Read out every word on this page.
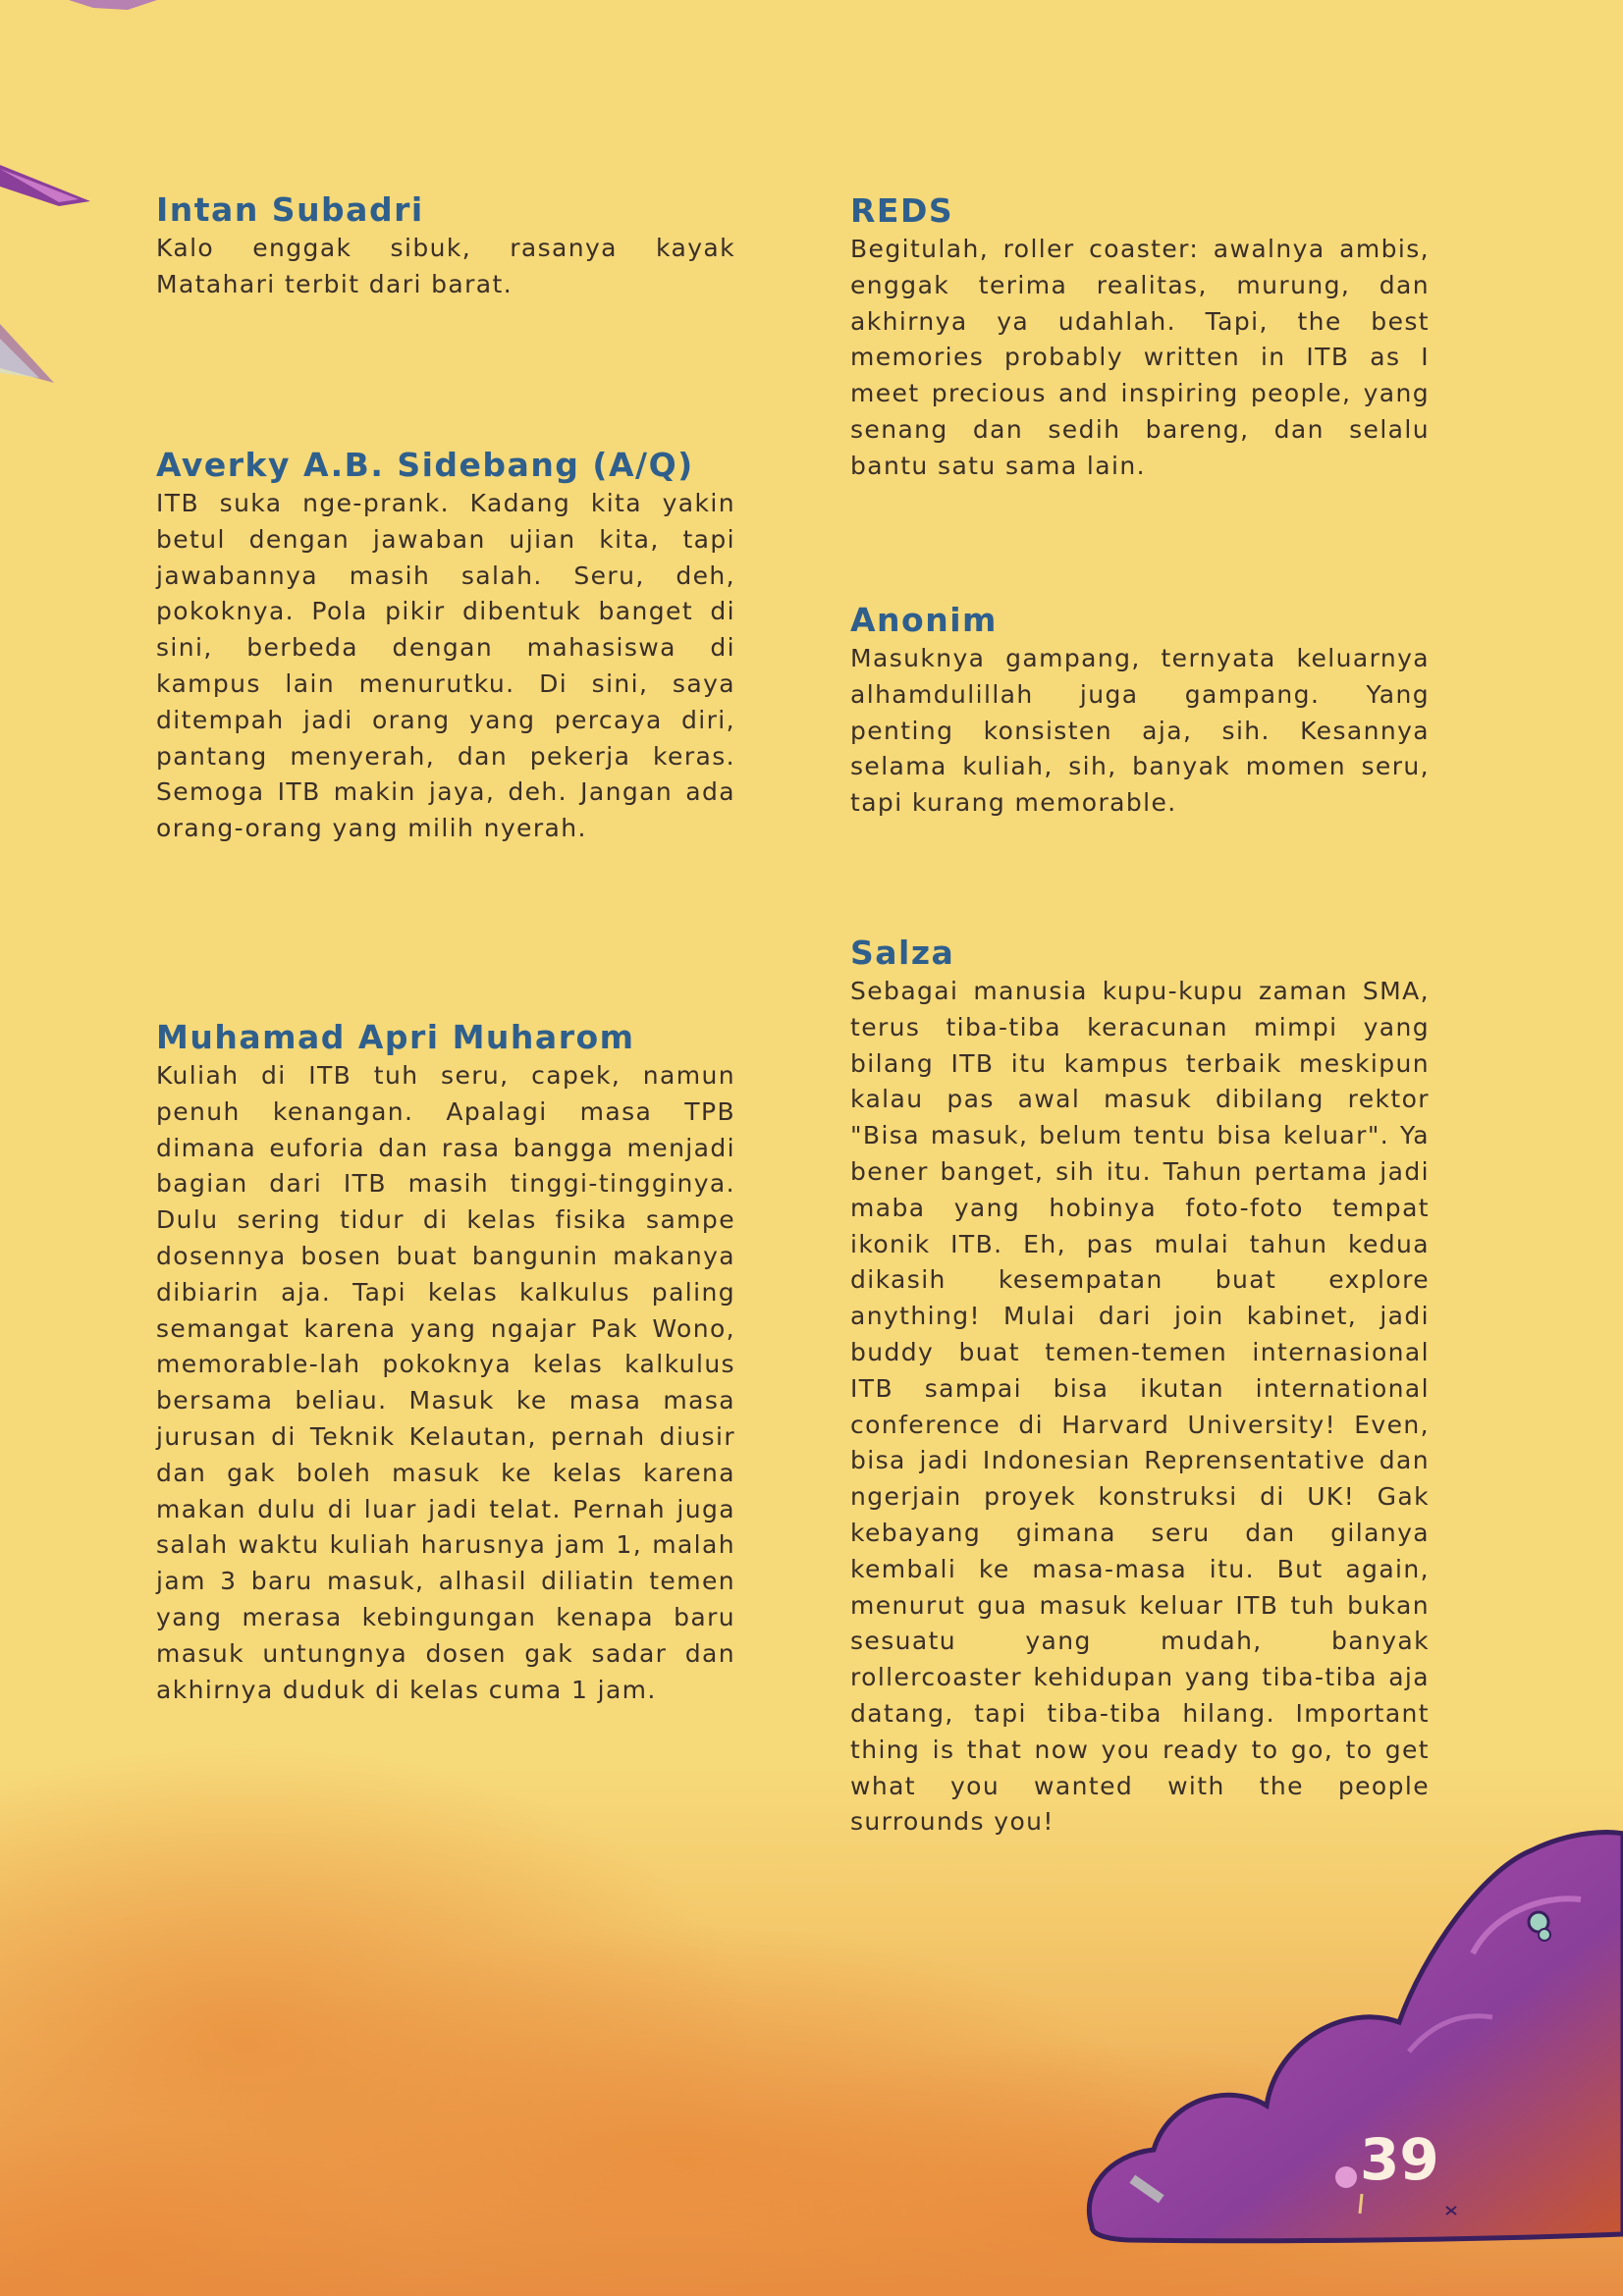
Intan Subadri

Kalo enggak sibuk, rasanya kayak Matahari terbit dari barat.

Averky A.B. Sidebang (A/Q)

ITB suka nge-prank. Kadang kita yakin betul dengan jawaban ujian kita, tapi jawabannya masih salah. Seru, deh, pokoknya. Pola pikir dibentuk banget di sini, berbeda dengan mahasiswa di kampus lain menurutku. Di sini, saya ditempah jadi orang yang percaya diri, pantang menyerah, dan pekerja keras. Semoga ITB makin jaya, deh. Jangan ada orang-orang yang milih nyerah.

Muhamad Apri Muharom

Kuliah di ITB tuh seru, capek, namun penuh kenangan. Apalagi masa TPB dimana euforia dan rasa bangga menjadi bagian dari ITB masih tinggi-tingginya. Dulu sering tidur di kelas fisika sampe dosennya bosen buat bangunin makanya dibiarin aja. Tapi kelas kalkulus paling semangat karena yang ngajar Pak Wono, memorable-lah pokoknya kelas kalkulus bersama beliau. Masuk ke masa masa jurusan di Teknik Kelautan, pernah diusir dan gak boleh masuk ke kelas karena makan dulu di luar jadi telat. Pernah juga salah waktu kuliah harusnya jam 1, malah jam 3 baru masuk, alhasil diliatin temen yang merasa kebingungan kenapa baru masuk untungnya dosen gak sadar dan akhirnya duduk di kelas cuma 1 jam.

REDS

Begitulah, roller coaster: awalnya ambis, enggak terima realitas, murung, dan akhirnya ya udahlah. Tapi, the best memories probably written in ITB as I meet precious and inspiring people, yang senang dan sedih bareng, dan selalu bantu satu sama lain.

Anonim

Masuknya gampang, ternyata keluarnya alhamdulillah juga gampang. Yang penting konsisten aja, sih. Kesannya selama kuliah, sih, banyak momen seru, tapi kurang memorable.

Salza

Sebagai manusia kupu-kupu zaman SMA, terus tiba-tiba keracunan mimpi yang bilang ITB itu kampus terbaik meskipun kalau pas awal masuk dibilang rektor "Bisa masuk, belum tentu bisa keluar". Ya bener banget, sih itu. Tahun pertama jadi maba yang hobinya foto-foto tempat ikonik ITB. Eh, pas mulai tahun kedua dikasih kesempatan buat explore anything! Mulai dari join kabinet, jadi buddy buat temen-temen internasional ITB sampai bisa ikutan international conference di Harvard University! Even, bisa jadi Indonesian Reprensentative dan ngerjain proyek konstruksi di UK! Gak kebayang gimana seru dan gilanya kembali ke masa-masa itu. But again, menurut gua masuk keluar ITB tuh bukan sesuatu yang mudah, banyak rollercoaster kehidupan yang tiba-tiba aja datang, tapi tiba-tiba hilang. Important thing is that now you ready to go, to get what you wanted with the people surrounds you!

39
